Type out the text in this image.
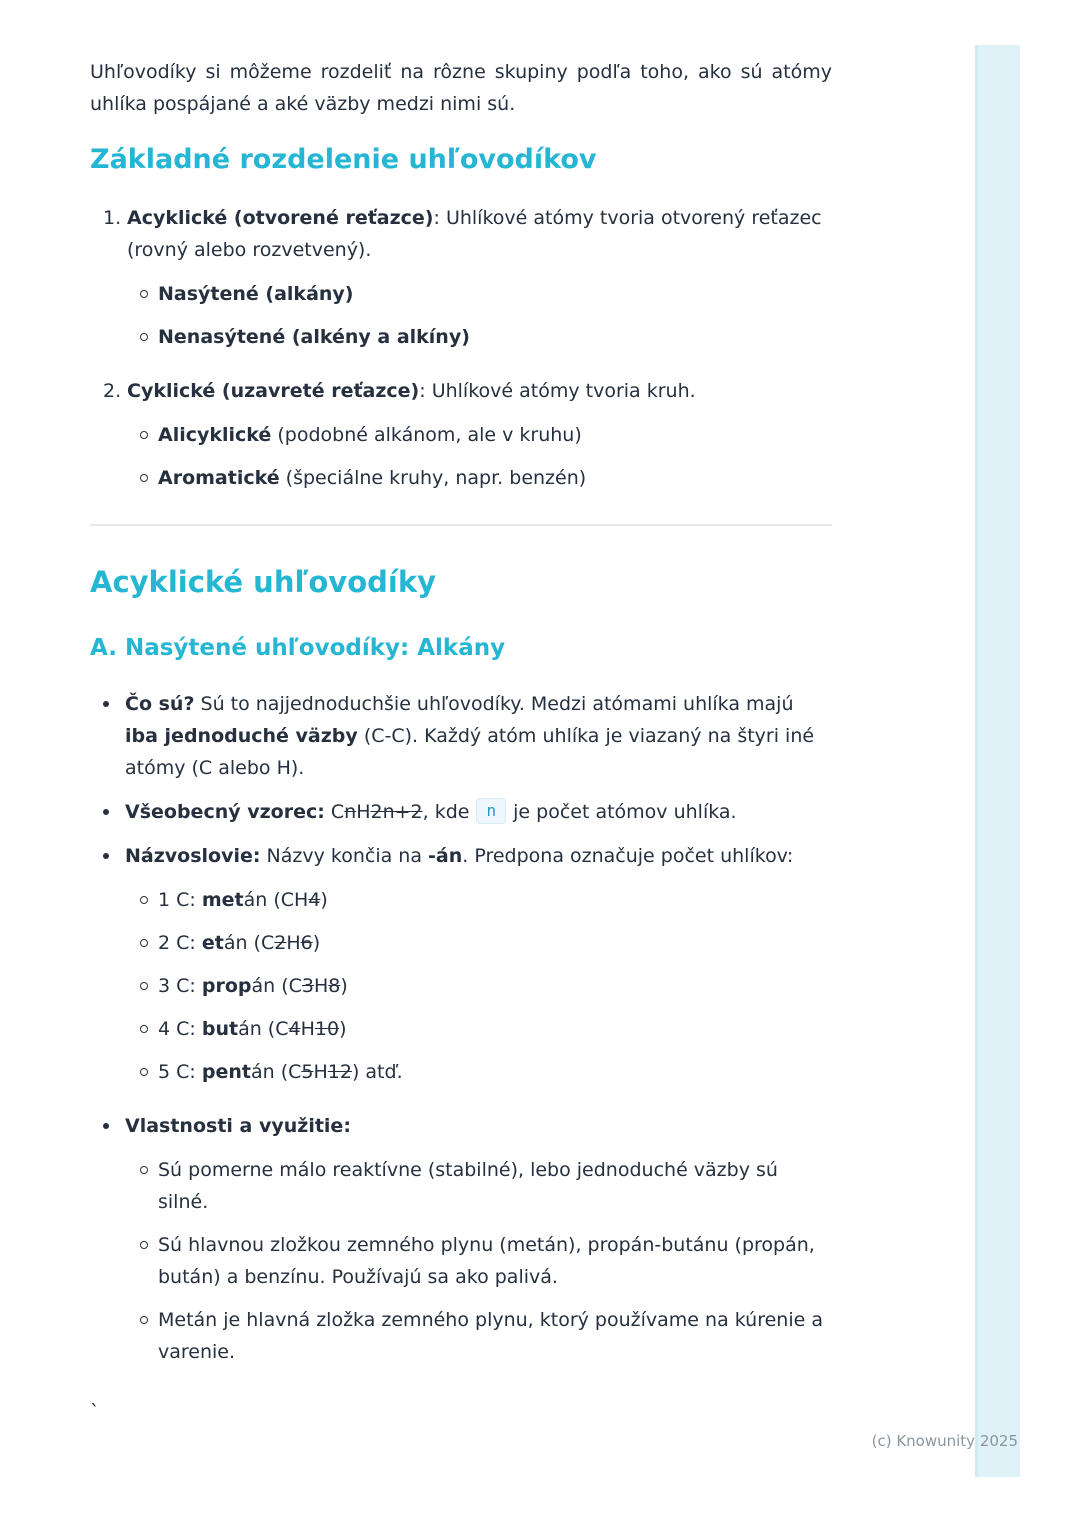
Uhľovodíky si môžeme rozdeliť na rôzne skupiny podľa toho, ako sú atómy uhlíka pospájané a aké väzby medzi nimi sú.

Základné rozdelenie uhľovodíkov
1. Acyklické (otvorené reťazce): Uhlíkové atómy tvoria otvorený reťazec (rovný alebo rozvetvený).

Nasýtené (alkány)

Nenasýtené (alkény a alkíny)

2. Cyklické (uzavreté reťazce): Uhlíkové atómy tvoria kruh.

Alicyklické (podobné alkánom, ale v kruhu)

Aromatické (špeciálne kruhy, napr. benzén)

Acyklické uhľovodíky
A. Nasýtené uhľovodíky: Alkány

Čo sú? Sú to najjednoduchšie uhľovodíky. Medzi atómami uhlíka majú iba jednoduché väzby (C-C). Každý atóm uhlíka je viazaný na štyri iné atómy (C alebo H).

Všeobecný vzorec: CnH2n+2, kde n je počet atómov uhlíka.

Názvoslovie: Názvy končia na -án. Predpona označuje počet uhlíkov:

1 C: metán (CH4)

2 C: etán (C2H6)

3 C: propán (C3H8)

4 C: bután (C4H10)

5 C: pentán (C5H12) atď.

Vlastnosti a využitie:

Sú pomerne málo reaktívne (stabilné), lebo jednoduché väzby sú silné.

Sú hlavnou zložkou zemného plynu (metán), propán-butánu (propán, bután) a benzínu. Používajú sa ako palivá.

Metán je hlavná zložka zemného plynu, ktorý používame na kúrenie a varenie.

`
(c) Knowunity 2025
